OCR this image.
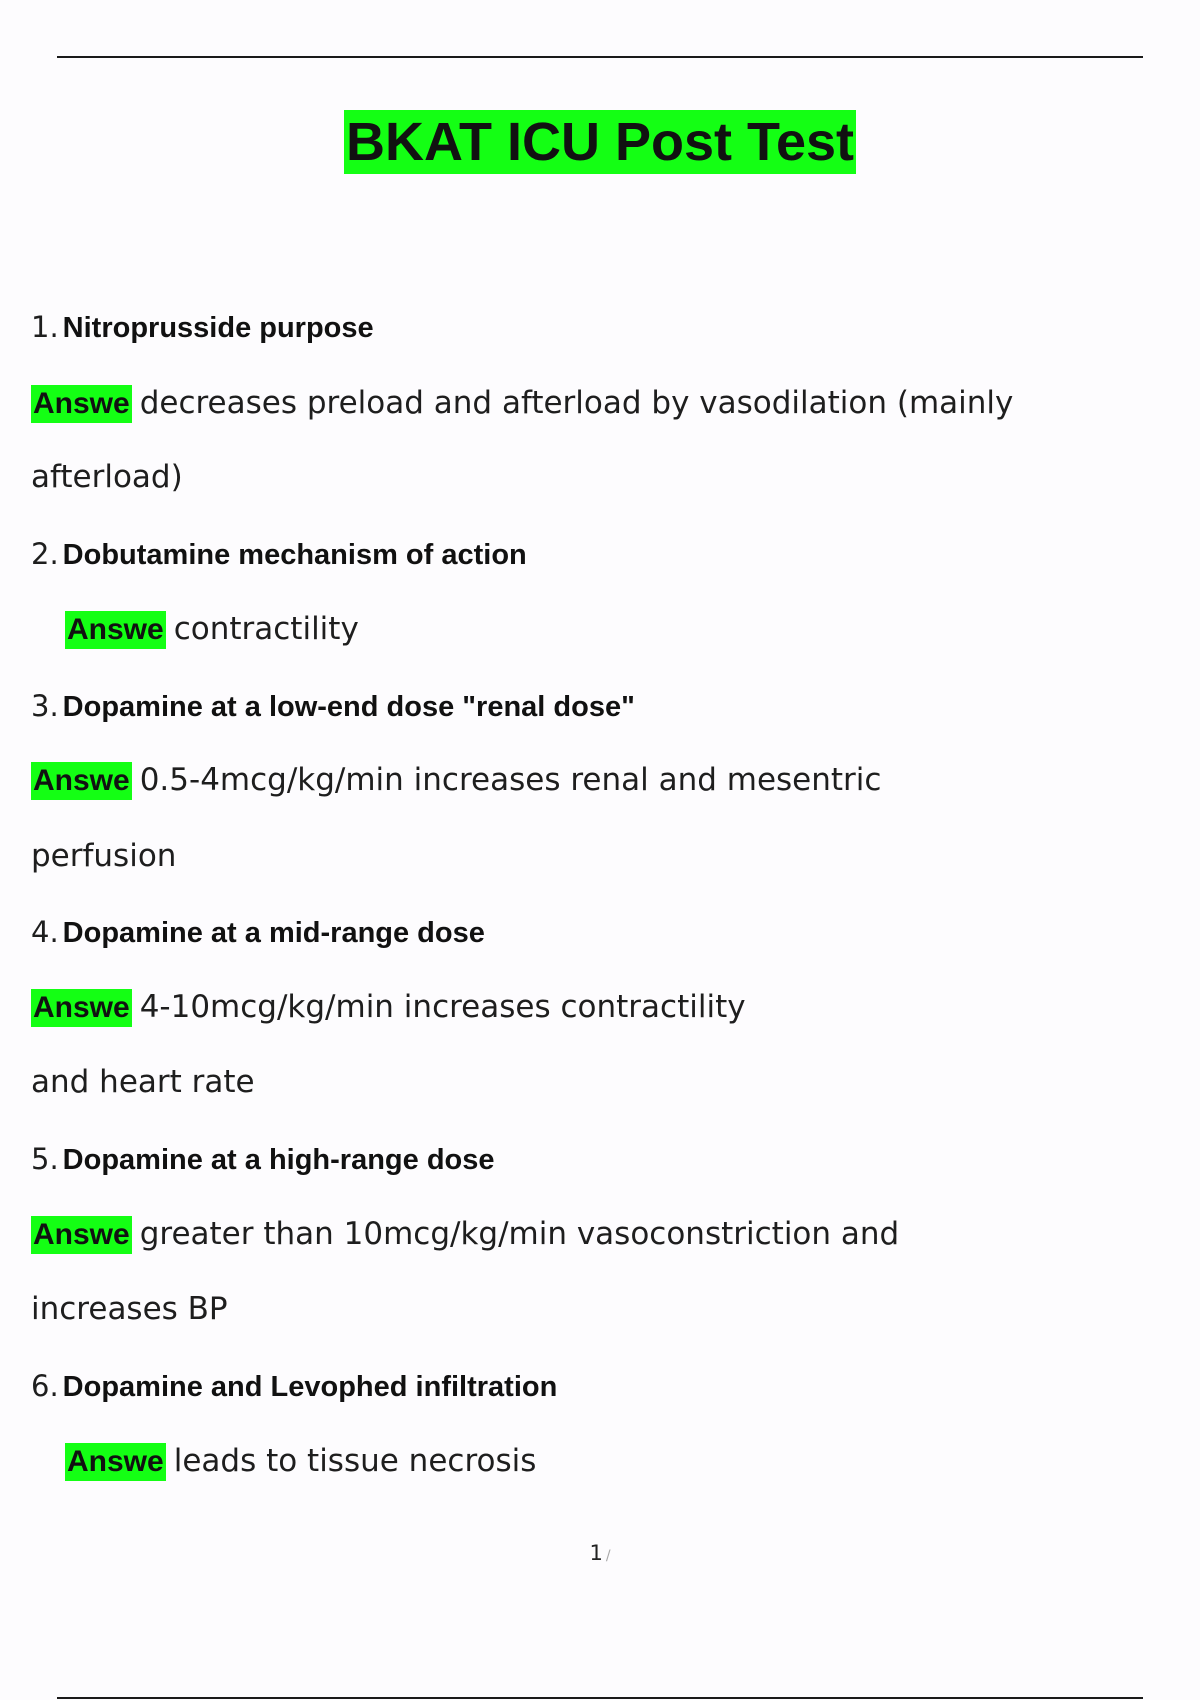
BKAT ICU Post Test
1. Nitroprusside purpose
Answe decreases preload and afterload by vasodilation (mainly
afterload)
2. Dobutamine mechanism of action
Answe contractility
3. Dopamine at a low-end dose "renal dose"
Answe 0.5-4mcg/kg/min increases renal and mesentric
perfusion
4. Dopamine at a mid-range dose
Answe 4-10mcg/kg/min increases contractility
and heart rate
5. Dopamine at a high-range dose
Answe greater than 10mcg/kg/min vasoconstriction and
increases BP
6. Dopamine and Levophed infiltration
Answe leads to tissue necrosis
1 /
